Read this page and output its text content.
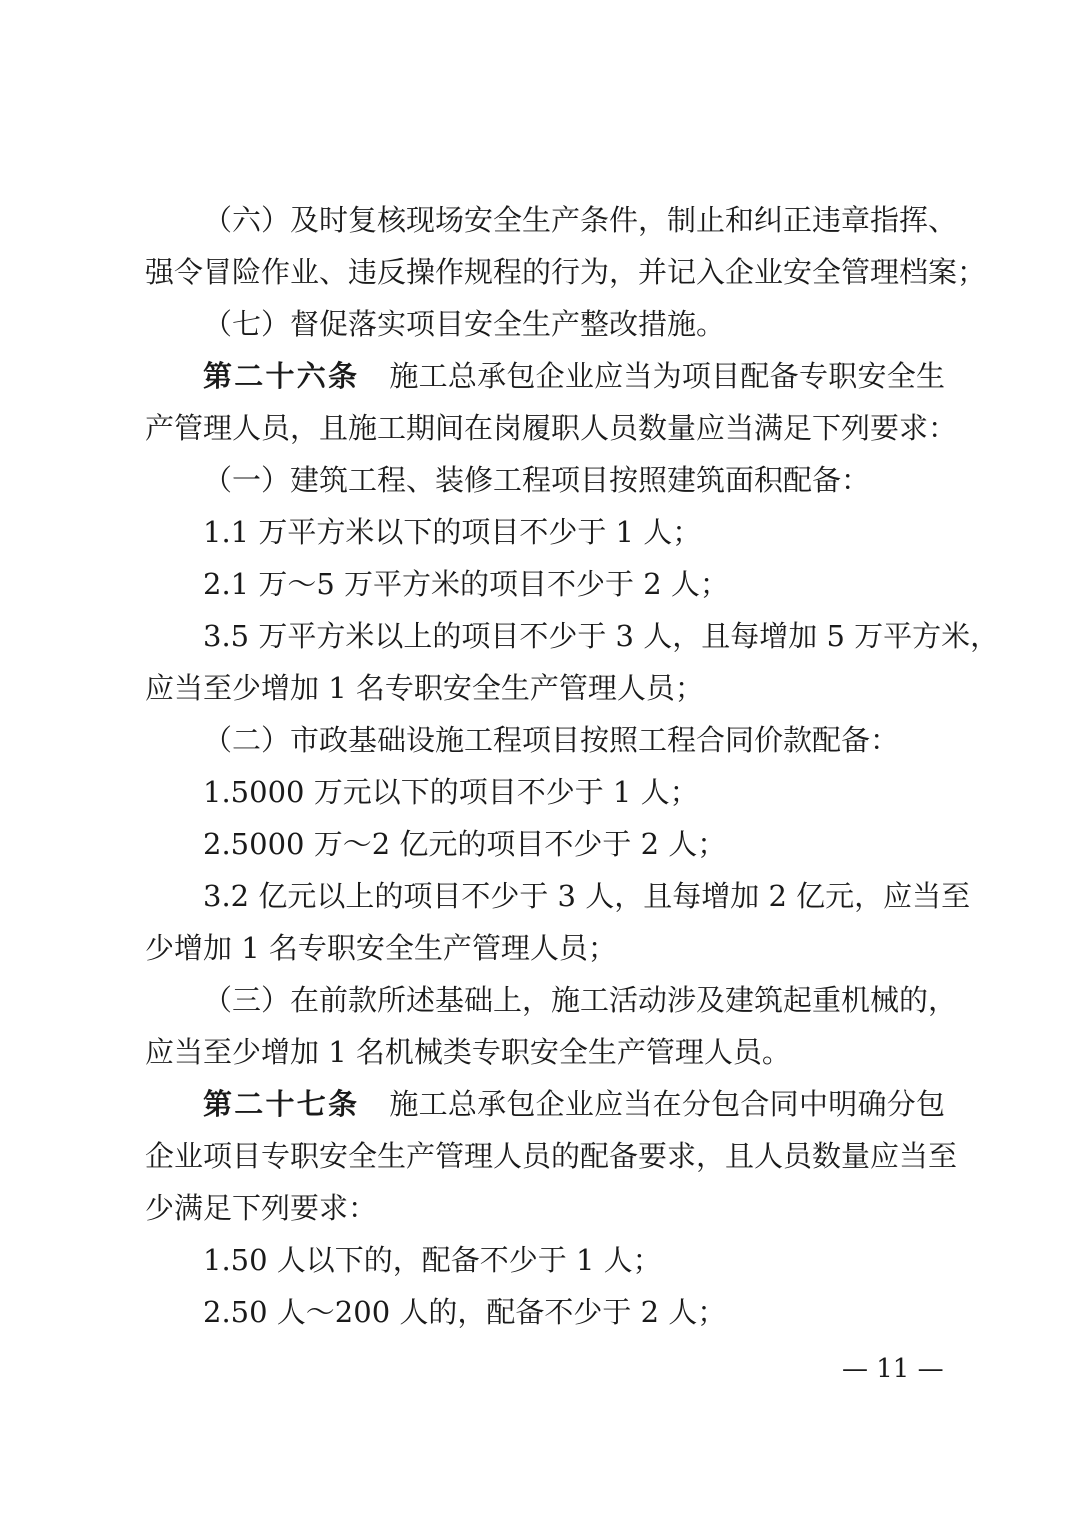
（六）及时复核现场安全生产条件，制止和纠正违章指挥、
强令冒险作业、违反操作规程的行为，并记入企业安全管理档案；
（七）督促落实项目安全生产整改措施。
第二十六条 施工总承包企业应当为项目配备专职安全生
产管理人员，且施工期间在岗履职人员数量应当满足下列要求：
（一）建筑工程、装修工程项目按照建筑面积配备：
1.1 万平方米以下的项目不少于 1 人；
2.1 万～5 万平方米的项目不少于 2 人；
3.5 万平方米以上的项目不少于 3 人，且每增加 5 万平方米，
应当至少增加 1 名专职安全生产管理人员；
（二）市政基础设施工程项目按照工程合同价款配备：
1.5000 万元以下的项目不少于 1 人；
2.5000 万～2 亿元的项目不少于 2 人；
3.2 亿元以上的项目不少于 3 人，且每增加 2 亿元，应当至
少增加 1 名专职安全生产管理人员；
（三）在前款所述基础上，施工活动涉及建筑起重机械的，
应当至少增加 1 名机械类专职安全生产管理人员。
第二十七条 施工总承包企业应当在分包合同中明确分包
企业项目专职安全生产管理人员的配备要求，且人员数量应当至
少满足下列要求：
1.50 人以下的，配备不少于 1 人；
2.50 人～200 人的，配备不少于 2 人；
— 11 —
